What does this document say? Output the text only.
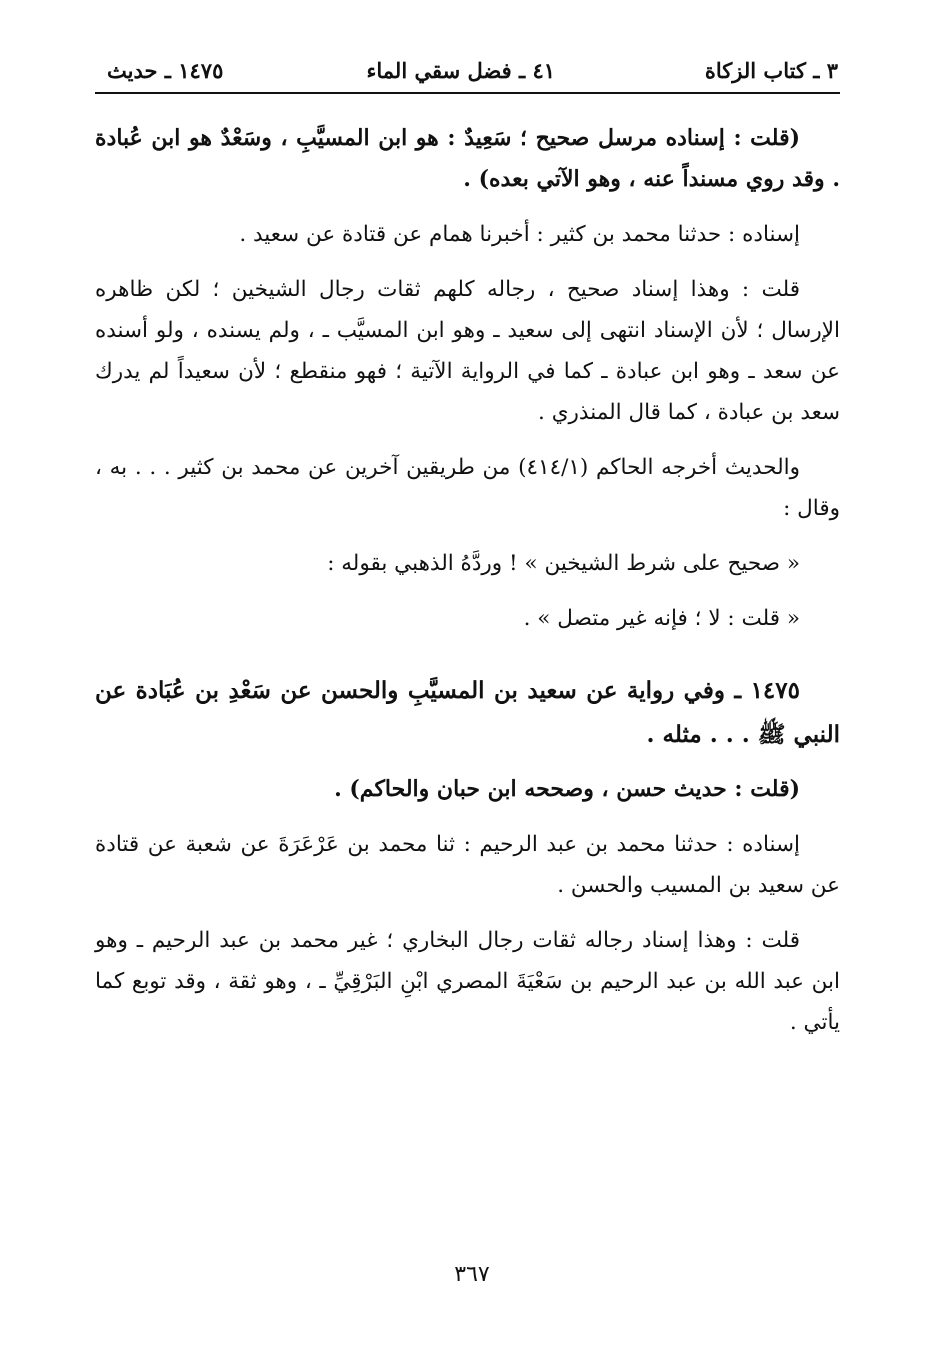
٣ ـ كتاب الزكاة
٤١ ـ فضل سقي الماء
١٤٧٥ ـ حديث

(قلت : إسناده مرسل صحيح ؛ سَعِيدٌ : هو ابن المسيَّبِ ، وسَعْدٌ هو ابن عُبادة . وقد روي مسنداً عنه ، وهو الآتي بعده) .

إسناده : حدثنا محمد بن كثير : أخبرنا همام عن قتادة عن سعيد .

قلت : وهذا إسناد صحيح ، رجاله كلهم ثقات رجال الشيخين ؛ لكن ظاهره الإرسال ؛ لأن الإسناد انتهى إلى سعيد ـ وهو ابن المسيَّب ـ ، ولم يسنده ، ولو أسنده عن سعد ـ وهو ابن عبادة ـ كما في الرواية الآتية ؛ فهو منقطع ؛ لأن سعيداً لم يدرك سعد بن عبادة ، كما قال المنذري .

والحديث أخرجه الحاكم (٤١٤/١) من طريقين آخرين عن محمد بن كثير . . . به ، وقال :

« صحيح على شرط الشيخين » ! وردَّهُ الذهبي بقوله :

« قلت : لا ؛ فإنه غير متصل » .

١٤٧٥ ـ وفي رواية عن سعيد بن المسيَّبِ والحسن عن سَعْدِ بن عُبَادة عن النبي ﷺ . . . مثله .

(قلت : حديث حسن ، وصححه ابن حبان والحاكم) .

إسناده : حدثنا محمد بن عبد الرحيم : ثنا محمد بن عَرْعَرَةَ عن شعبة عن قتادة عن سعيد بن المسيب والحسن .

قلت : وهذا إسناد رجاله ثقات رجال البخاري ؛ غير محمد بن عبد الرحيم ـ وهو ابن عبد الله بن عبد الرحيم بن سَعْيَةَ المصري ابْنِ البَرْقِيِّ ـ ، وهو ثقة ، وقد توبع كما يأتي .

٣٦٧
